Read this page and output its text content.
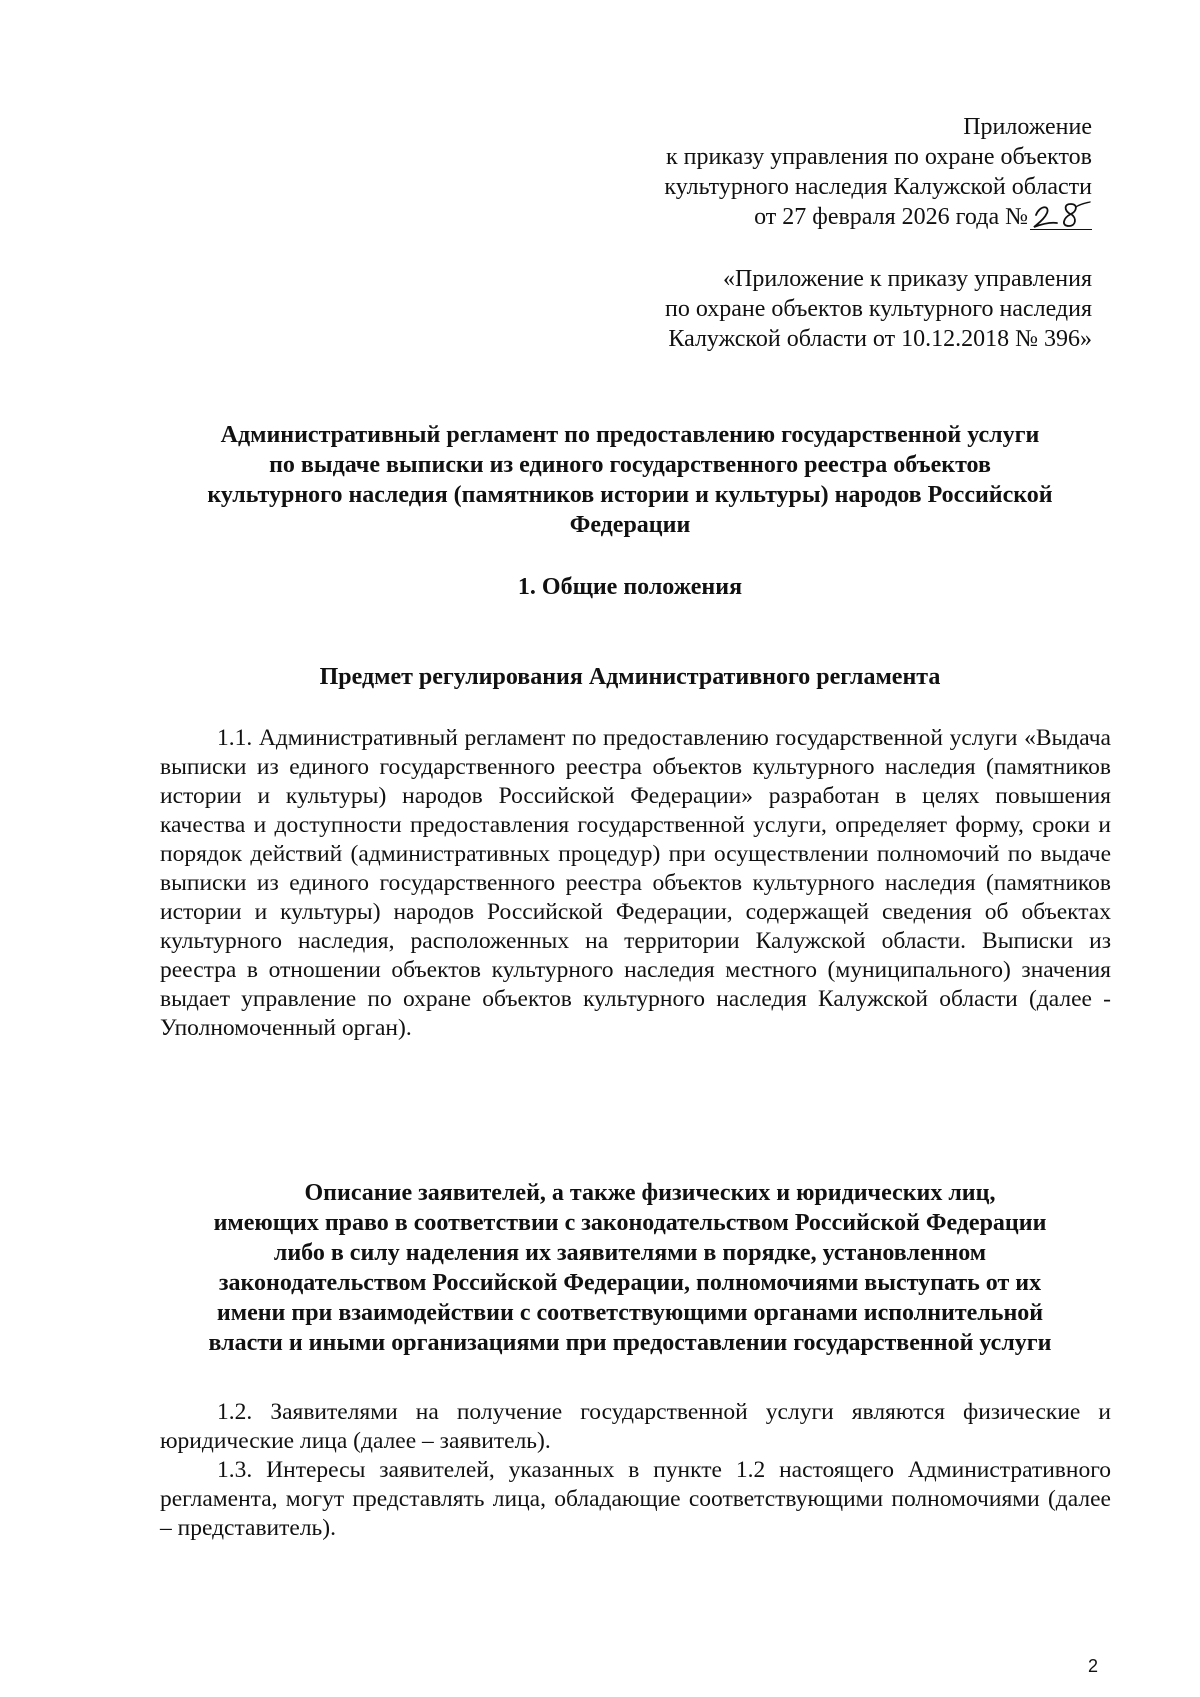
Приложение
к приказу управления по охране объектов
культурного наследия Калужской области
от 27 февраля 2026 года №
«Приложение к приказу управления
по охране объектов культурного наследия
Калужской области от 10.12.2018 № 396»
Административный регламент по предоставлению государственной услуги
по выдаче выписки из единого государственного реестра объектов
культурного наследия (памятников истории и культуры) народов Российской
Федерации
1. Общие положения
Предмет регулирования Административного регламента

1.1. Административный регламент по предоставлению государственной услуги «Выдача выписки из единого государственного реестра объектов культурного наследия (памятников истории и культуры) народов Российской Федерации» разработан в целях повышения качества и доступности предоставления государственной услуги, определяет форму, сроки и порядок действий (административных процедур) при осуществлении полномочий по выдаче выписки из единого государственного реестра объектов культурного наследия (памятников истории и культуры) народов Российской Федерации, содержащей сведения об объектах культурного наследия, расположенных на территории Калужской области. Выписки из реестра в отношении объектов культурного наследия местного (муниципального) значения выдает управление по охране объектов культурного наследия Калужской области (далее - Уполномоченный орган).

Описание заявителей, а также физических и юридических лиц,
имеющих право в соответствии с законодательством Российской Федерации
либо в силу наделения их заявителями в порядке, установленном
законодательством Российской Федерации, полномочиями выступать от их
имени при взаимодействии с соответствующими органами исполнительной
власти и иными организациями при предоставлении государственной услуги

1.2. Заявителями на получение государственной услуги являются физические и юридические лица (далее – заявитель).

1.3. Интересы заявителей, указанных в пункте 1.2 настоящего Административного регламента, могут представлять лица, обладающие соответствующими полномочиями (далее – представитель).

2
